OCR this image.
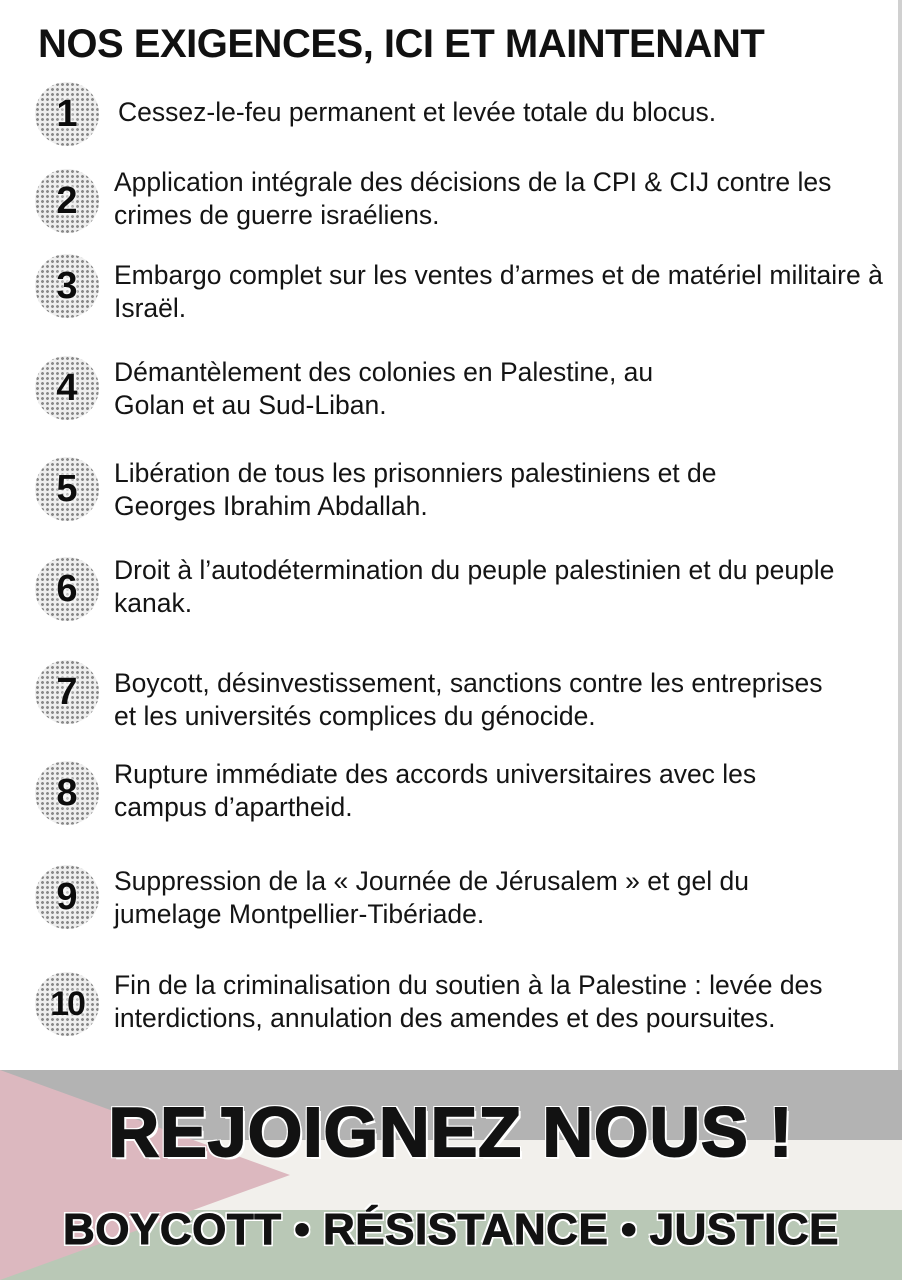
NOS EXIGENCES, ICI ET MAINTENANT
1	Cessez-le-feu permanent et levée totale du blocus.
2	Application intégrale des décisions de la CPI & CIJ contre les crimes de guerre israéliens.
3	Embargo complet sur les ventes d’armes et de matériel militaire à Israël.
4	Démantèlement des colonies en Palestine, au Golan et au Sud-Liban.
5	Libération de tous les prisonniers palestiniens et de Georges Ibrahim Abdallah.
6	Droit à l’autodétermination du peuple palestinien et du peuple kanak.
7	Boycott, désinvestissement, sanctions contre les entreprises et les universités complices du génocide.
8	Rupture immédiate des accords universitaires avec les campus d’apartheid.
9	Suppression de la « Journée de Jérusalem » et gel du jumelage Montpellier-Tibériade.
10	Fin de la criminalisation du soutien à la Palestine : levée des interdictions, annulation des amendes et des poursuites.
REJOIGNEZ NOUS !
BOYCOTT • RÉSISTANCE • JUSTICE
